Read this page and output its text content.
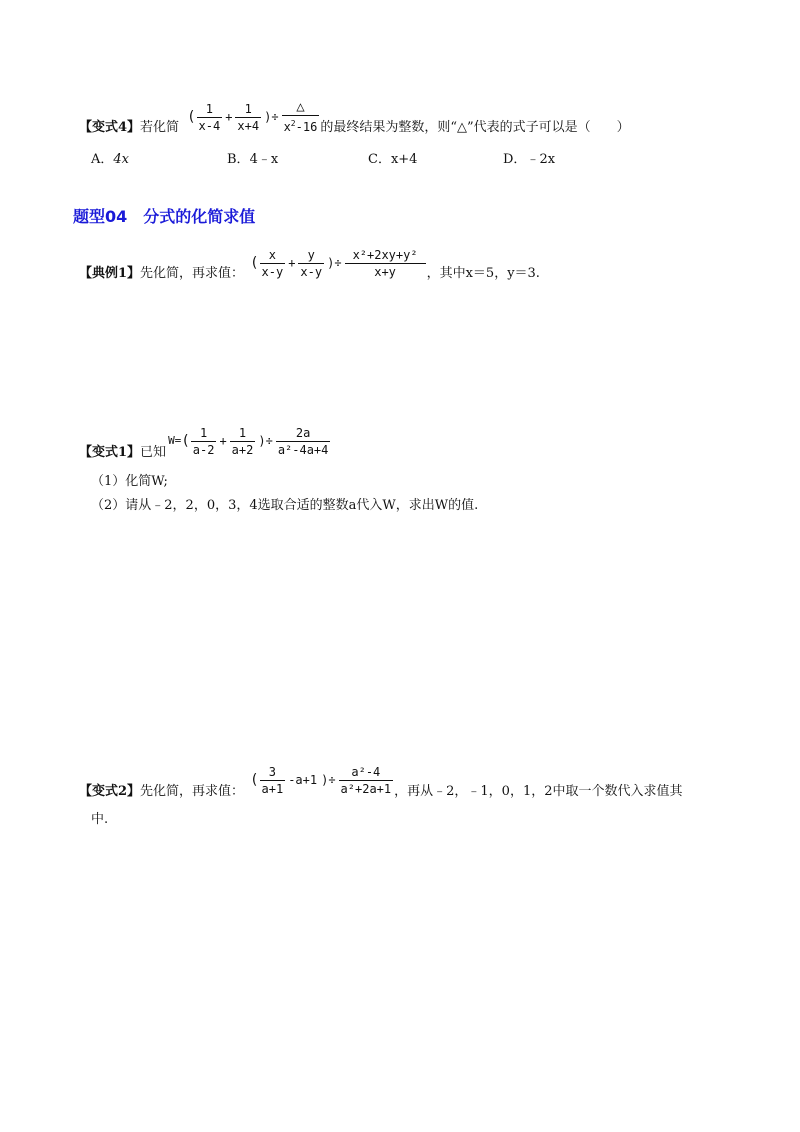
【变式4】 若化简
( $\frac{1}{x-4} + \frac{1}{x+4}$ )÷ $\frac{\triangle}{x^2-16}$ 的最终结果为整数，则“△”代表的式子可以是（　　）
A．4x	B．4﹣x	C．x+4	D．﹣2x
题型04　分式的化简求值
【典例1】 先化简，再求值：
( $\frac{x}{x-y} + \frac{y}{x-y}$ )÷ $\frac{\text{x²+2xy+y²}}{x+y}$ ，其中x＝5，y＝3.
【变式1】 已知
W= ( $\frac{1}{a-2} + \frac{1}{a+2}$ )÷ $\frac{2a}{\text{a²-4a+4}}$
（1）化简W;
（2）请从﹣2，2，0，3，4选取合适的整数a代入W，求出W的值.
【变式2】 先化简，再求值：
( $\frac{3}{a+1} -a+1$ )÷ $\frac{\text{a²-4}}{\text{a²+2a+1}}$ ，再从﹣2，﹣1，0，1，2中取一个数代入求值其
中.
